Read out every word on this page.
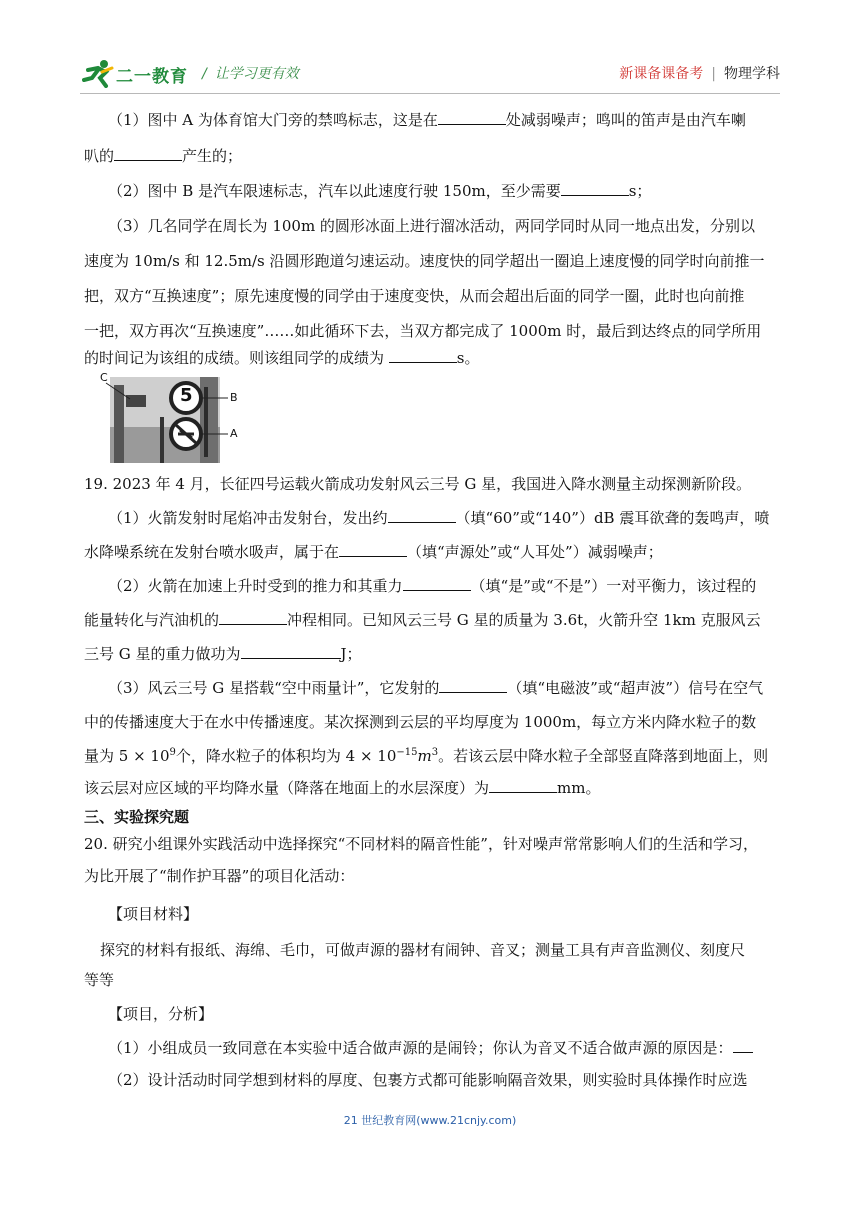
二一教育 / 让学习更有效	新课备课备考 | 物理学科
（1）图中 A 为体育馆大门旁的禁鸣标志，这是在	处减弱噪声；鸣叫的笛声是由汽车喇
叭的	产生的；
（2）图中 B 是汽车限速标志，汽车以此速度行驶 150m，至少需要	s；
（3）几名同学在周长为 100m 的圆形冰面上进行溜冰活动，两同学同时从同一地点出发，分别以
速度为 10m/s 和 12.5m/s 沿圆形跑道匀速运动。速度快的同学超出一圈追上速度慢的同学时向前推一
把，双方“互换速度”；原先速度慢的同学由于速度变快，从而会超出后面的同学一圈，此时也向前推
一把，双方再次“互换速度”……如此循环下去，当双方都完成了 1000m 时，最后到达终点的同学所用
的时间记为该组的成绩。则该组同学的成绩为	s。
C
B
A
5
19. 2023 年 4 月，长征四号运载火箭成功发射风云三号 G 星，我国进入降水测量主动探测新阶段。
（1）火箭发射时尾焰冲击发射台，发出约	（填“60”或“140”）dB 震耳欲聋的轰鸣声，喷
水降噪系统在发射台喷水吸声，属于在	（填“声源处”或“人耳处”）减弱噪声；
（2）火箭在加速上升时受到的推力和其重力	（填“是”或“不是”）一对平衡力，该过程的
能量转化与汽油机的	冲程相同。已知风云三号 G 星的质量为 3.6t，火箭升空 1km 克服风云
三号 G 星的重力做功为	J；
（3）风云三号 G 星搭载“空中雨量计”，它发射的	（填“电磁波”或“超声波”）信号在空气
中的传播速度大于在水中传播速度。某次探测到云层的平均厚度为 1000m，每立方米内降水粒子的数
量为 $5 \times 10^9$个，降水粒子的体积均为 $4 \times 10^{-15}m^3$。若该云层中降水粒子全部竖直降落到地面上，则
该云层对应区域的平均降水量（降落在地面上的水层深度）为	mm。
三、实验探究题
20. 研究小组课外实践活动中选择探究“不同材料的隔音性能”，针对噪声常常影响人们的生活和学习，
为比开展了“制作护耳器”的项目化活动：
【项目材料】
探究的材料有报纸、海绵、毛巾，可做声源的器材有闹钟、音叉；测量工具有声音监测仪、刻度尺
等等
【项目，分析】
（1）小组成员一致同意在本实验中适合做声源的是闹铃；你认为音叉不适合做声源的原因是：
（2）设计活动时同学想到材料的厚度、包裹方式都可能影响隔音效果，则实验时具体操作时应选
21 世纪教育网(www.21cnjy.com)
